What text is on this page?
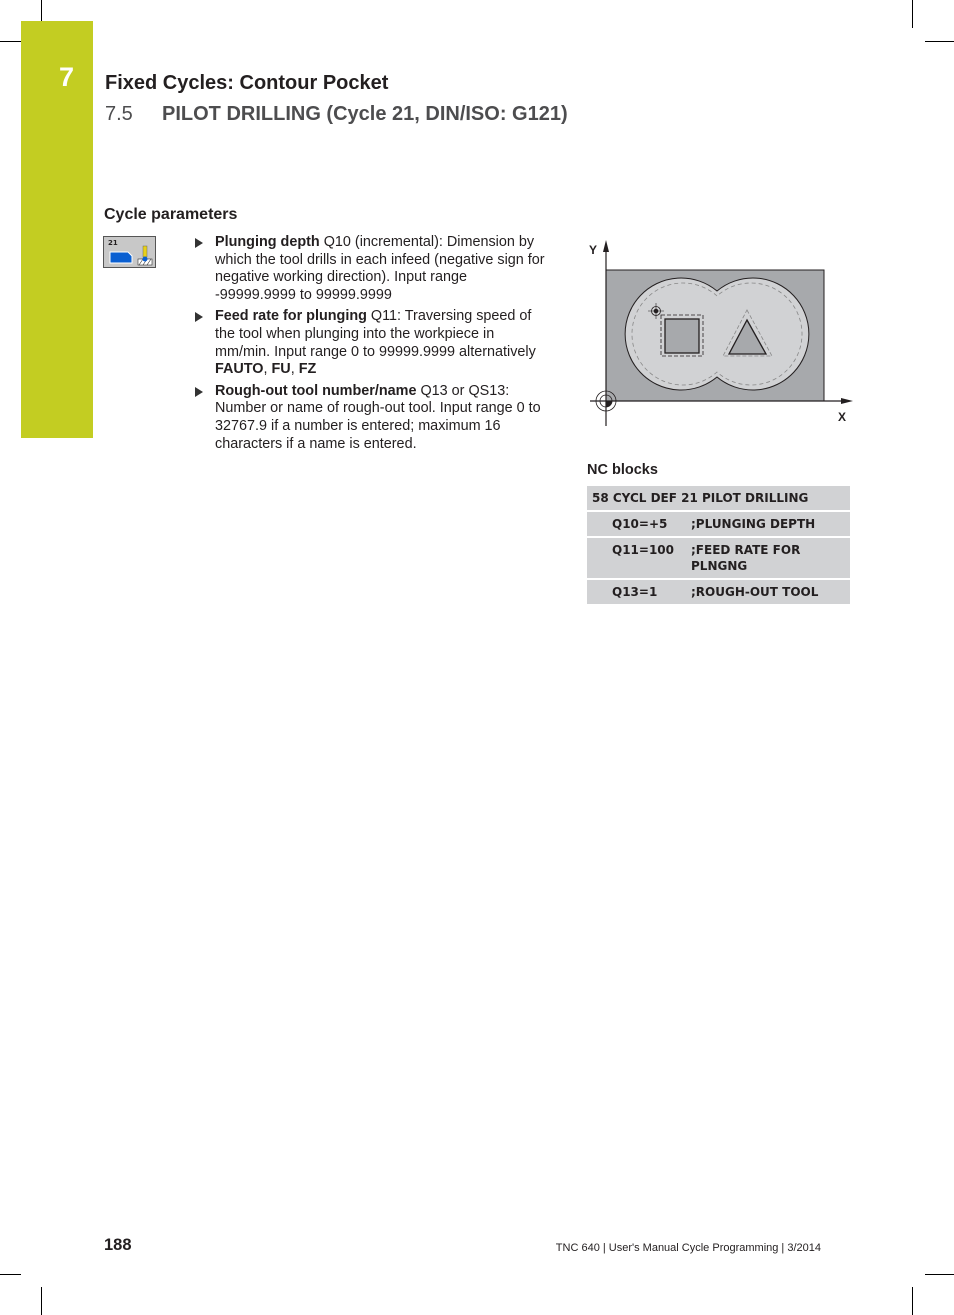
7 Fixed Cycles: Contour Pocket
7.5 PILOT DRILLING (Cycle 21, DIN/ISO: G121)
Cycle parameters
21	Plunging depth Q10 (incremental): Dimension by which the tool drills in each infeed (negative sign for negative working direction). Input range -99999.9999 to 99999.9999
Feed rate for plunging Q11: Traversing speed of the tool when plunging into the workpiece in mm/min. Input range 0 to 99999.9999 alternatively FAUTO, FU, FZ
Rough-out tool number/name Q13 or QS13: Number or name of rough-out tool. Input range 0 to 32767.9 if a number is entered; maximum 16 characters if a name is entered.
Y
X
NC blocks
58 CYCL DEF 21 PILOT DRILLING	
Q10=+5	;PLUNGING DEPTH
Q11=100	;FEED RATE FOR PLNGNG
Q13=1	;ROUGH-OUT TOOL
188	TNC 640 | User's Manual Cycle Programming | 3/2014
